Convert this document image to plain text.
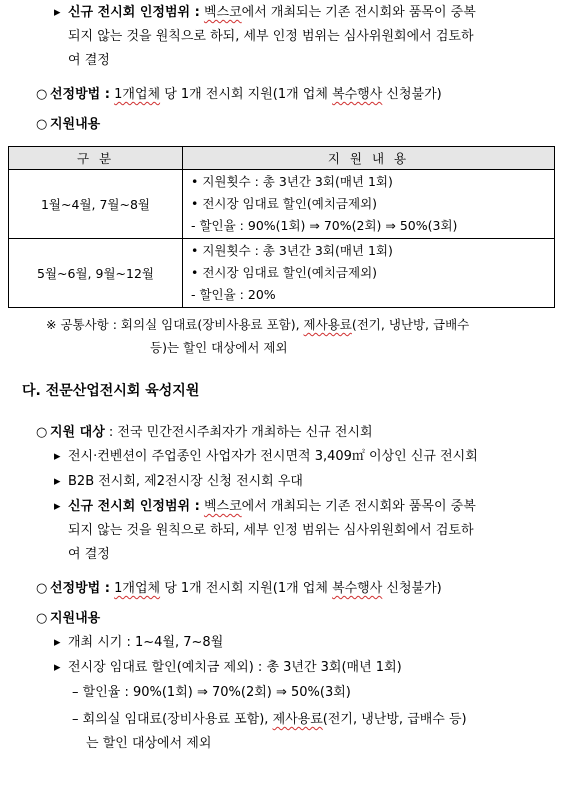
▸ 신규 전시회 인정범위 : 벡스코에서 개최되는 기존 전시회와 품목이 중복
되지 않는 것을 원칙으로 하되, 세부 인정 범위는 심사위원회에서 검토하
여 결정
○ 선정방법 : 1개업체 당 1개 전시회 지원(1개 업체 복수행사 신청불가)
○ 지원내용
구 분	지 원 내 용
1월~4월, 7월~8월	• 지원횟수 : 총 3년간 3회(매년 1회)
• 전시장 임대료 할인(예치금제외)
- 할인율 : 90%(1회) ⇒ 70%(2회) ⇒ 50%(3회)

5월~6월, 9월~12월	• 지원횟수 : 총 3년간 3회(매년 1회)
• 전시장 임대료 할인(예치금제외)
- 할인율 : 20%
※ 공통사항 : 회의실 임대료(장비사용료 포함), 제사용료(전기, 냉난방, 급배수
등)는 할인 대상에서 제외
다. 전문산업전시회 육성지원
○ 지원 대상 : 전국 민간전시주최자가 개최하는 신규 전시회
▸ 전시·컨벤션이 주업종인 사업자가 전시면적 3,409㎡ 이상인 신규 전시회
▸ B2B 전시회, 제2전시장 신청 전시회 우대
▸ 신규 전시회 인정범위 : 벡스코에서 개최되는 기존 전시회와 품목이 중복
되지 않는 것을 원칙으로 하되, 세부 인정 범위는 심사위원회에서 검토하
여 결정
○ 선정방법 : 1개업체 당 1개 전시회 지원(1개 업체 복수행사 신청불가)
○ 지원내용
▸ 개최 시기 : 1~4월, 7~8월
▸ 전시장 임대료 할인(예치금 제외) : 총 3년간 3회(매년 1회)
– 할인율 : 90%(1회) ⇒ 70%(2회) ⇒ 50%(3회)
– 회의실 임대료(장비사용료 포함), 제사용료(전기, 냉난방, 급배수 등)
는 할인 대상에서 제외
